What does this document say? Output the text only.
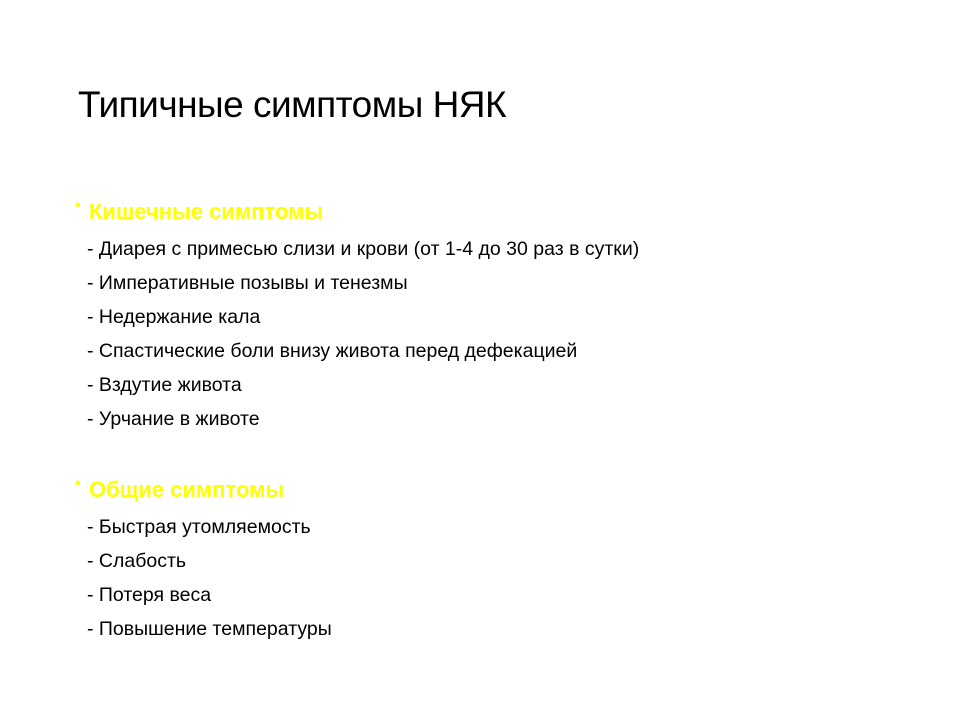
Типичные симптомы НЯК
• Кишечные симптомы
- Диарея с примесью слизи и крови (от 1-4 до 30 раз в сутки)
- Императивные позывы и тенезмы
- Недержание кала
- Спастические боли внизу живота перед дефекацией
- Вздутие живота
- Урчание в животе
• Общие симптомы
- Быстрая утомляемость
- Слабость
- Потеря веса
- Повышение температуры
